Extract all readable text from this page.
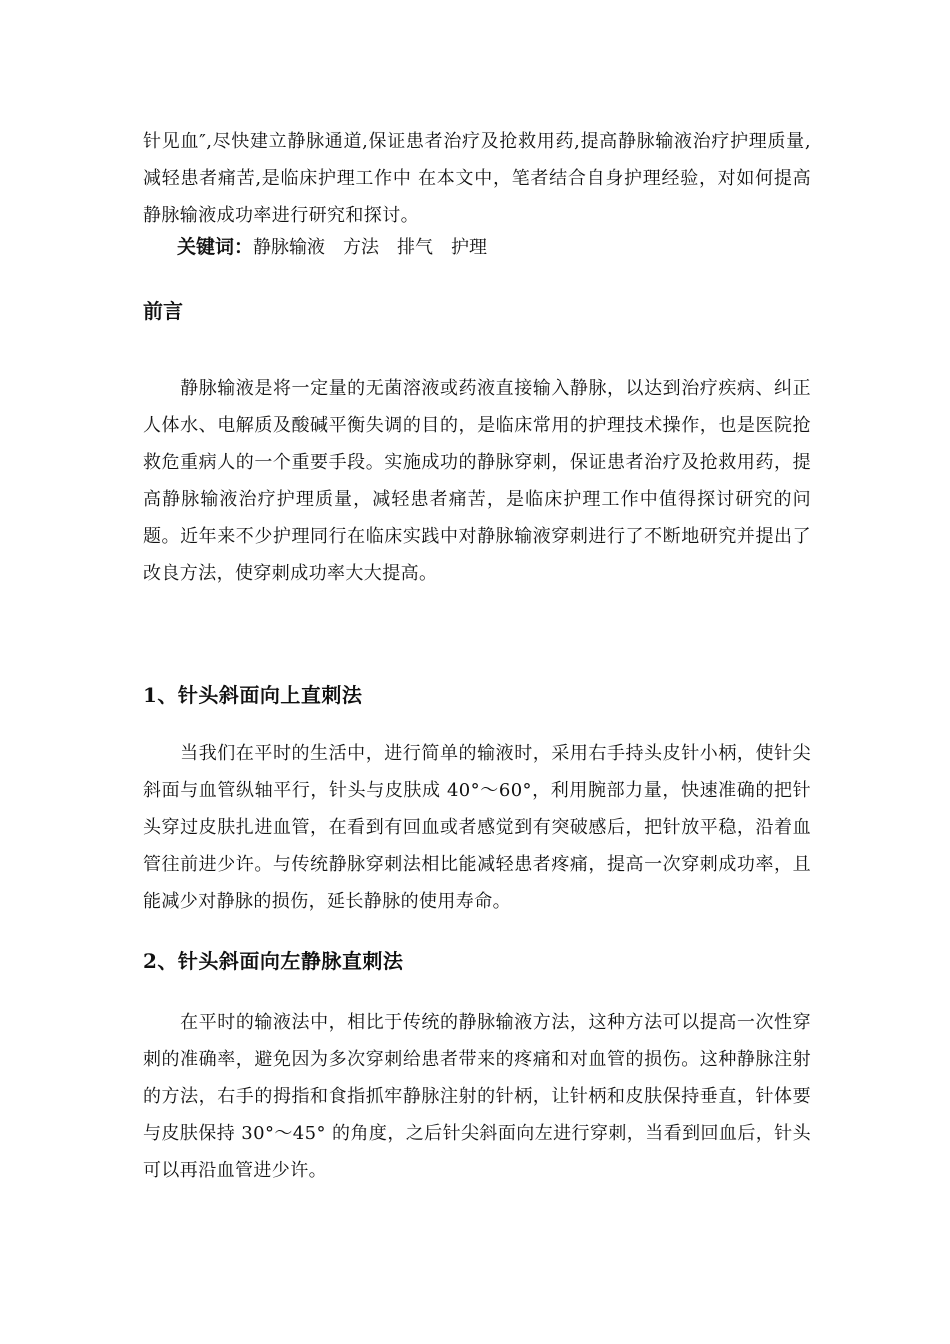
针见血″,尽快建立静脉通道,保证患者治疗及抢救用药,提高静脉输液治疗护理质量,减轻患者痛苦,是临床护理工作中 在本文中，笔者结合自身护理经验，对如何提高静脉输液成功率进行研究和探讨。

关键词：静脉输液 方法 排气 护理

前言

静脉输液是将一定量的无菌溶液或药液直接输入静脉，以达到治疗疾病、纠正人体水、电解质及酸碱平衡失调的目的，是临床常用的护理技术操作，也是医院抢救危重病人的一个重要手段。实施成功的静脉穿刺，保证患者治疗及抢救用药，提高静脉输液治疗护理质量，减轻患者痛苦，是临床护理工作中值得探讨研究的问题。近年来不少护理同行在临床实践中对静脉输液穿刺进行了不断地研究并提出了改良方法，使穿刺成功率大大提高。

1、针头斜面向上直刺法

当我们在平时的生活中，进行简单的输液时，采用右手持头皮针小柄，使针尖斜面与血管纵轴平行，针头与皮肤成 40°～60°，利用腕部力量，快速准确的把针头穿过皮肤扎进血管，在看到有回血或者感觉到有突破感后，把针放平稳，沿着血管往前进少许。与传统静脉穿刺法相比能减轻患者疼痛，提高一次穿刺成功率，且能减少对静脉的损伤，延长静脉的使用寿命。

2、针头斜面向左静脉直刺法

在平时的输液法中，相比于传统的静脉输液方法，这种方法可以提高一次性穿刺的准确率，避免因为多次穿刺给患者带来的疼痛和对血管的损伤。这种静脉注射的方法，右手的拇指和食指抓牢静脉注射的针柄，让针柄和皮肤保持垂直，针体要与皮肤保持 30°～45° 的角度，之后针尖斜面向左进行穿刺，当看到回血后，针头可以再沿血管进少许。
